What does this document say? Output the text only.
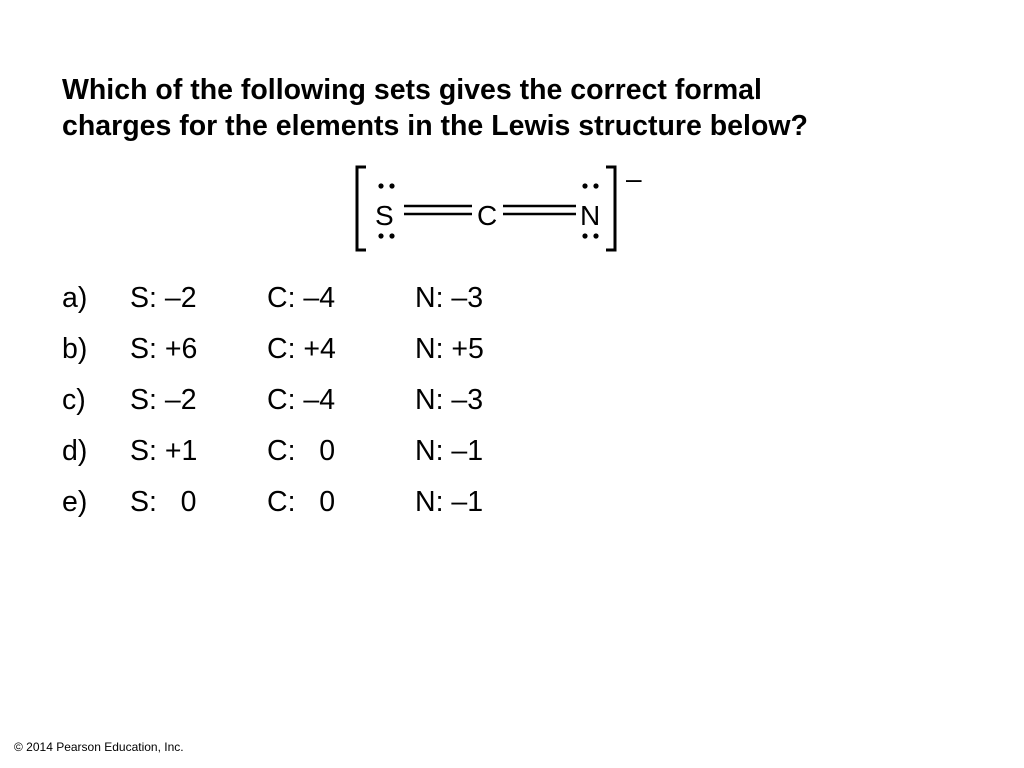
Which of the following sets gives the correct formal
charges for the elements in the Lewis structure below?
–
S	C	N
a) S: –2 C: –4	N: –3
b) S: +6 C: +4	N: +5
c) S: –2 C: –4	N: –3
d) S: +1 C:   0	N: –1
e) S:   0 C:   0	N: –1
© 2014 Pearson Education, Inc.
